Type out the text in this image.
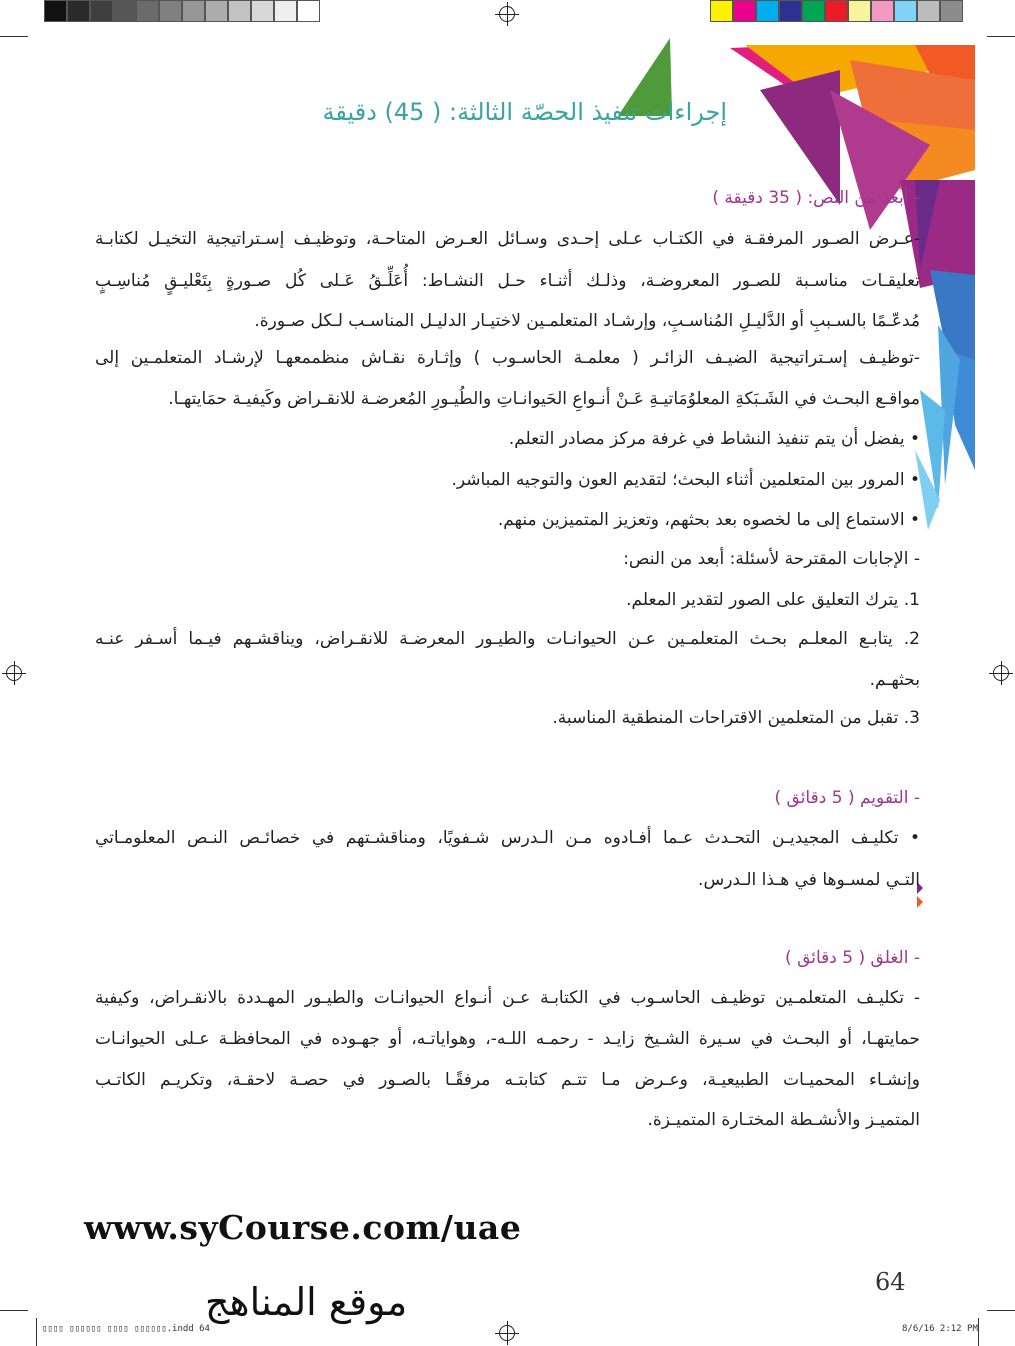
إجراءات تنفيذ الحصّة الثالثة: ( 45) دقيقة
- أبعد من النص: ( 35 دقيقة )
-عـرض الصـور المرفقـة في الكتـاب عـلى إحـدى وسـائل العـرض المتاحـة، وتوظيـف إسـتراتيجية التخيـل لكتابـة
تعليقـات مناسـبة للصـور المعروضـة، وذلـك أثنـاء حـل النشـاط: أُعَلِّـقُ عَـلى كُل صـورةٍ بِتَعْليـقٍ مُناسِـبٍ
مُدعّـمًا بالسـببِ أو الدَّليـلِ المُناسـبِ، وإرشـاد المتعلمـين لاختيـار الدليـل المناسـب لـكل صـورة.
-توظيـف إسـتراتيجية الضيـف الزائـر ( معلمـة الحاسـوب ) وإثـارة نقـاش منظممعهـا لإرشـاد المتعلمـين إلى
مواقـع البحـث في الشَـبَكةِ المعلوُمَاتيـةِ عَـنْ أنـواعِ الحَيوانـاتِ والطُيـورِ المُعرضـة للانقـراض وكَيفيـة حمَايتهـا.
• يفضل أن يتم تنفيذ النشاط في غرفة مركز مصادر التعلم.
• المرور بين المتعلمين أثناء البحث؛ لتقديم العون والتوجيه المباشر.
• الاستماع إلى ما لخصوه بعد بحثهم، وتعزيز المتميزين منهم.
- الإجابات المقترحة لأسئلة: أبعد من النص:
1. يترك التعليق على الصور لتقدير المعلم.
2. يتابـع المعلـم بحـث المتعلمـين عـن الحيوانـات والطيـور المعرضـة للانقـراض، ويناقشـهم فيـما أسـفر عنـه
بحثهـم.
3. تقبل من المتعلمين الاقتراحات المنطقية المناسبة.
- التقويم ( 5 دقائق )
• تكليـف المجيديـن التحـدث عـما أفـادوه مـن الـدرس شـفويًا، ومناقشـتهم في خصائـص النـص المعلومـاتي
التـي لمسـوها في هـذا الـدرس.
- الغلق ( 5 دقائق )
- تكليـف المتعلمـين توظيـف الحاسـوب في الكتابـة عـن أنـواع الحيوانـات والطيـور المهـددة بالانقـراض، وكيفية
حمايتهـا، أو البحـث في سـيرة الشـيخ زايـد - رحمـه اللـه-، وهواياتـه، أو جهـوده في المحافظـة عـلى الحيوانـات
وإنشـاء المحميـات الطبيعيـة، وعـرض مـا تتـم كتابتـه مرفقًـا بالصـور في حصـة لاحقـة، وتكريـم الكاتـب
المتميـز والأنشـطة المختـارة المتميـزة.
www.syCourse.com/uae
موقع المناهج	64
▯▯▯▯ ▯▯▯▯▯▯ ▯▯▯▯ ▯▯▯▯▯▯.indd 64	8/6/16 2:12 PM
